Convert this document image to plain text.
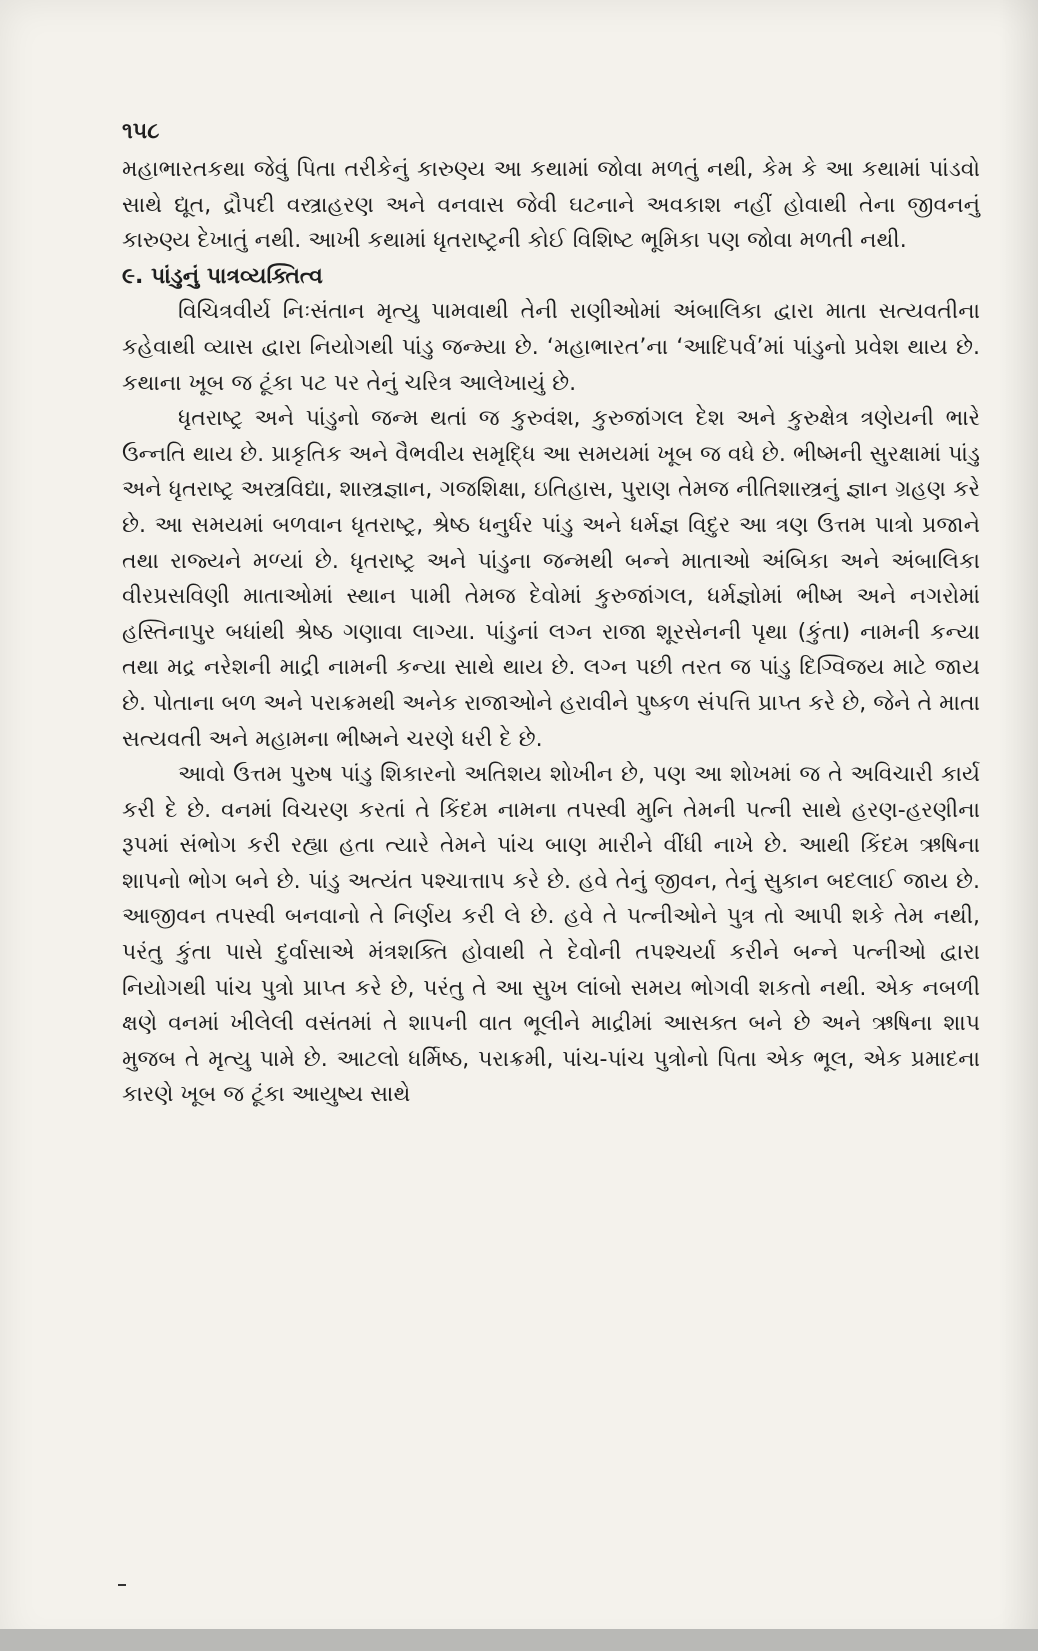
૧૫૮

મહાભારતકથા જેવું પિતા તરીકેનું કારુણ્ય આ કથામાં જોવા મળતું નથી, કેમ કે આ કથામાં પાંડવો સાથે દ્યૂત, દ્રૌપદી વસ્ત્રાહરણ અને વનવાસ જેવી ઘટનાને અવકાશ નહીં હોવાથી તેના જીવનનું કારુણ્ય દેખાતું નથી. આખી કથામાં ધૃતરાષ્ટ્રની કોઈ વિશિષ્ટ ભૂમિકા પણ જોવા મળતી નથી.

૯. પાંડુનું પાત્રવ્યક્તિત્વ

વિચિત્રવીર્ય નિઃસંતાન મૃત્યુ પામવાથી તેની રાણીઓમાં અંબાલિકા દ્વારા માતા સત્યવતીના કહેવાથી વ્યાસ દ્વારા નિયોગથી પાંડુ જન્મ્યા છે. ‘મહાભારત’ના ‘આદિપર્વ’માં પાંડુનો પ્રવેશ થાય છે. કથાના ખૂબ જ ટૂંકા પટ પર તેનું ચરિત્ર આલેખાયું છે.

ધૃતરાષ્ટ્ર અને પાંડુનો જન્મ થતાં જ કુરુવંશ, કુરુજાંગલ દેશ અને કુરુક્ષેત્ર ત્રણેયની ભારે ઉન્નતિ થાય છે. પ્રાકૃતિક અને વૈભવીય સમૃદ્ધિ આ સમયમાં ખૂબ જ વધે છે. ભીષ્મની સુરક્ષામાં પાંડુ અને ધૃતરાષ્ટ્ર અસ્ત્રવિદ્યા, શાસ્ત્રજ્ઞાન, ગજશિક્ષા, ઇતિહાસ, પુરાણ તેમજ નીતિશાસ્ત્રનું જ્ઞાન ગ્રહણ કરે છે. આ સમયમાં બળવાન ધૃતરાષ્ટ્ર, શ્રેષ્ઠ ધનુર્ધર પાંડુ અને ધર્મજ્ઞ વિદુર આ ત્રણ ઉત્તમ પાત્રો પ્રજાને તથા રાજ્યને મળ્યાં છે. ધૃતરાષ્ટ્ર અને પાંડુના જન્મથી બન્ને માતાઓ અંબિકા અને અંબાલિકા વીરપ્રસવિણી માતાઓમાં સ્થાન પામી તેમજ દેવોમાં કુરુજાંગલ, ધર્મજ્ઞોમાં ભીષ્મ અને નગરોમાં હસ્તિનાપુર બધાંથી શ્રેષ્ઠ ગણાવા લાગ્યા. પાંડુનાં લગ્ન રાજા શૂરસેનની પૃથા (કુંતા) નામની કન્યા તથા મદ્ર નરેશની માદ્રી નામની કન્યા સાથે થાય છે. લગ્ન પછી તરત જ પાંડુ દિગ્વિજય માટે જાય છે. પોતાના બળ અને પરાક્રમથી અનેક રાજાઓને હરાવીને પુષ્કળ સંપત્તિ પ્રાપ્ત કરે છે, જેને તે માતા સત્યવતી અને મહામના ભીષ્મને ચરણે ધરી દે છે.

આવો ઉત્તમ પુરુષ પાંડુ શિકારનો અતિશય શોખીન છે, પણ આ શોખમાં જ તે અવિચારી કાર્ય કરી દે છે. વનમાં વિચરણ કરતાં તે કિંદમ નામના તપસ્વી મુનિ તેમની પત્ની સાથે હરણ-હરણીના રૂપમાં સંભોગ કરી રહ્યા હતા ત્યારે તેમને પાંચ બાણ મારીને વીંધી નાખે છે. આથી કિંદમ ઋષિના શાપનો ભોગ બને છે. પાંડુ અત્યંત પશ્ચાત્તાપ કરે છે. હવે તેનું જીવન, તેનું સુકાન બદલાઈ જાય છે. આજીવન તપસ્વી બનવાનો તે નિર્ણય કરી લે છે. હવે તે પત્નીઓને પુત્ર તો આપી શકે તેમ નથી, પરંતુ કુંતા પાસે દુર્વાસાએ મંત્રશક્તિ હોવાથી તે દેવોની તપશ્ચર્યા કરીને બન્ને પત્નીઓ દ્વારા નિયોગથી પાંચ પુત્રો પ્રાપ્ત કરે છે, પરંતુ તે આ સુખ લાંબો સમય ભોગવી શકતો નથી. એક નબળી ક્ષણે વનમાં ખીલેલી વસંતમાં તે શાપની વાત ભૂલીને માદ્રીમાં આસક્ત બને છે અને ઋષિના શાપ મુજબ તે મૃત્યુ પામે છે. આટલો ધર્મિષ્ઠ, પરાક્રમી, પાંચ-પાંચ પુત્રોનો પિતા એક ભૂલ, એક પ્રમાદના કારણે ખૂબ જ ટૂંકા આયુષ્ય સાથે
